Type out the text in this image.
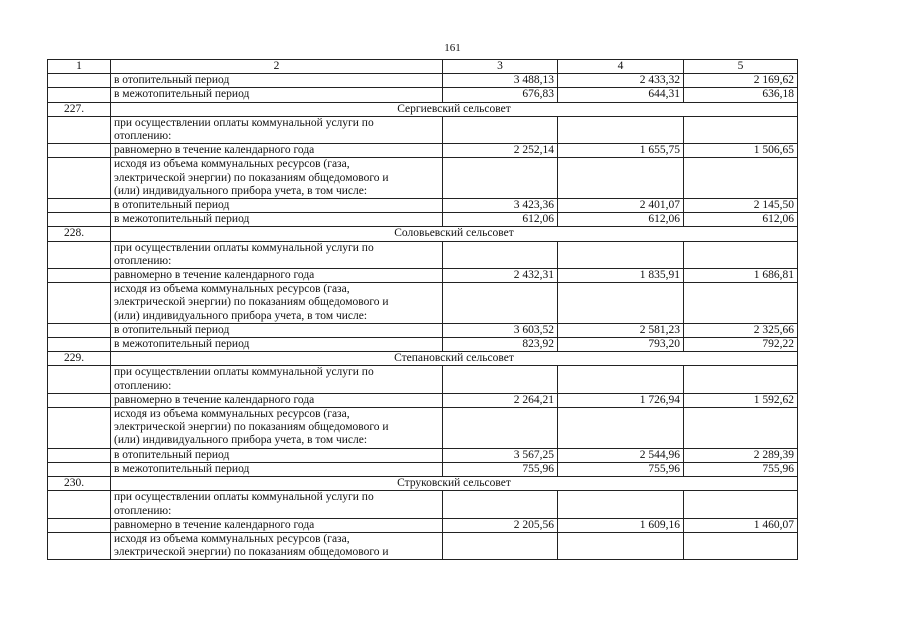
161
1	2	3	4	5
	в отопительный период	3 488,13	2 433,32	2 169,62
	в межотопительный период	676,83	644,31	636,18
227.	Сергиевский сельсовет			
	при осуществлении оплаты коммунальной услуги по
отоплению:			
	равномерно в течение календарного года	2 252,14	1 655,75	1 506,65
	исходя из объема коммунальных ресурсов (газа,
электрической энергии) по показаниям общедомового и
(или) индивидуального прибора учета, в том числе:			
	в отопительный период	3 423,36	2 401,07	2 145,50
	в межотопительный период	612,06	612,06	612,06
228.	Соловьевский сельсовет			
	при осуществлении оплаты коммунальной услуги по
отоплению:			
	равномерно в течение календарного года	2 432,31	1 835,91	1 686,81
	исходя из объема коммунальных ресурсов (газа,
электрической энергии) по показаниям общедомового и
(или) индивидуального прибора учета, в том числе:			
	в отопительный период	3 603,52	2 581,23	2 325,66
	в межотопительный период	823,92	793,20	792,22
229.	Степановский сельсовет			
	при осуществлении оплаты коммунальной услуги по
отоплению:			
	равномерно в течение календарного года	2 264,21	1 726,94	1 592,62
	исходя из объема коммунальных ресурсов (газа,
электрической энергии) по показаниям общедомового и
(или) индивидуального прибора учета, в том числе:			
	в отопительный период	3 567,25	2 544,96	2 289,39
	в межотопительный период	755,96	755,96	755,96
230.	Струковский сельсовет			
	при осуществлении оплаты коммунальной услуги по
отоплению:			
	равномерно в течение календарного года	2 205,56	1 609,16	1 460,07
	исходя из объема коммунальных ресурсов (газа,
электрической энергии) по показаниям общедомового и			
